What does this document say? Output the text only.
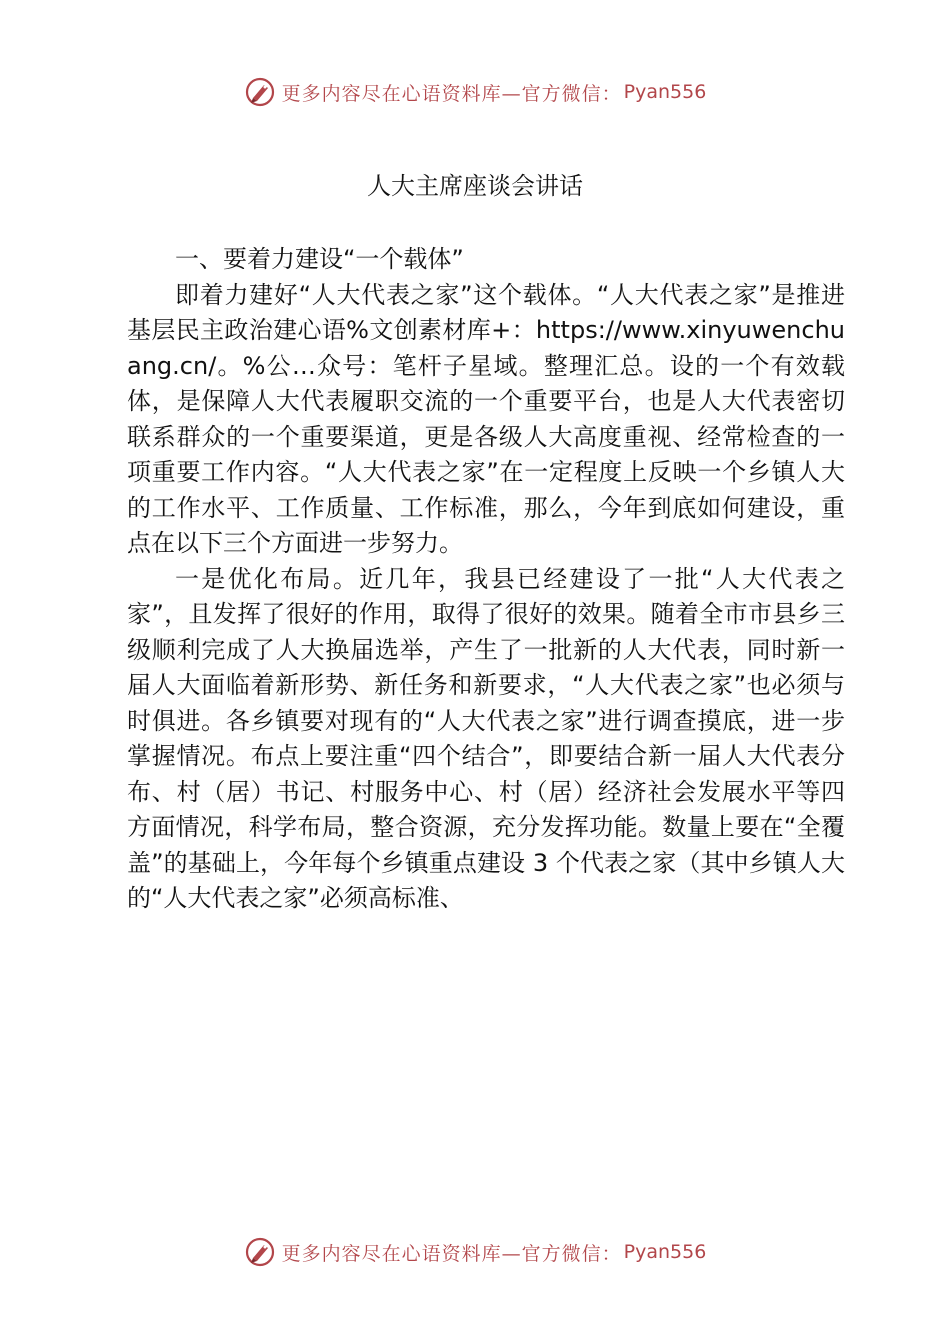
更多内容尽在心语资料库—官方微信： Pyan556
人大主席座谈会讲话

一、要着力建设“一个载体”

即着力建好“人大代表之家”这个载体。“人大代表之家”是推进基层民主政治建心语%文创素材库+：https://www.xinyuwenchuang.cn/。%公…众号：笔杆子星域。整理汇总。设的一个有效载体，是保障人大代表履职交流的一个重要平台，也是人大代表密切联系群众的一个重要渠道，更是各级人大高度重视、经常检查的一项重要工作内容。“人大代表之家”在一定程度上反映一个乡镇人大的工作水平、工作质量、工作标准，那么，今年到底如何建设，重点在以下三个方面进一步努力。

一是优化布局。近几年，我县已经建设了一批“人大代表之家”，且发挥了很好的作用，取得了很好的效果。随着全市市县乡三级顺利完成了人大换届选举，产生了一批新的人大代表，同时新一届人大面临着新形势、新任务和新要求，“人大代表之家”也必须与时俱进。各乡镇要对现有的“人大代表之家”进行调查摸底，进一步掌握情况。布点上要注重“四个结合”，即要结合新一届人大代表分布、村（居）书记、村服务中心、村（居）经济社会发展水平等四方面情况，科学布局，整合资源，充分发挥功能。数量上要在“全覆盖”的基础上，今年每个乡镇重点建设 3 个代表之家（其中乡镇人大的“人大代表之家”必须高标准、

更多内容尽在心语资料库—官方微信： Pyan556
